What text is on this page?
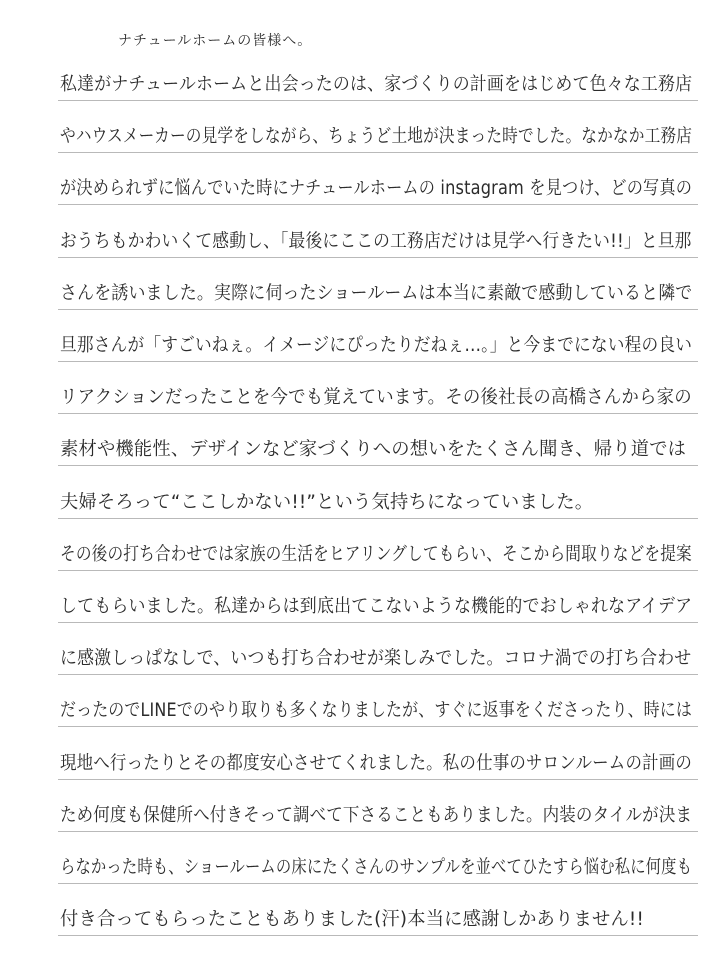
ナチュールホームの皆様へ。
私達がナチュールホームと出会ったのは、家づくりの計画をはじめて色々な工務店
やハウスメーカーの見学をしながら、ちょうど土地が決まった時でした。なかなか工務店
が決められずに悩んでいた時にナチュールホームの instagram を見つけ、どの写真の
おうちもかわいくて感動し、「最後にここの工務店だけは見学へ行きたい!!」と旦那
さんを誘いました。実際に伺ったショールームは本当に素敵で感動していると隣で
旦那さんが「すごいねぇ。イメージにぴったりだねぇ…。」と今までにない程の良い
リアクションだったことを今でも覚えています。その後社長の高橋さんから家の
素材や機能性、デザインなど家づくりへの想いをたくさん聞き、帰り道では
夫婦そろって“ここしかない!!”という気持ちになっていました。
その後の打ち合わせでは家族の生活をヒアリングしてもらい、そこから間取りなどを提案
してもらいました。私達からは到底出てこないような機能的でおしゃれなアイデア
に感激しっぱなしで、いつも打ち合わせが楽しみでした。コロナ渦での打ち合わせ
だったのでLINEでのやり取りも多くなりましたが、すぐに返事をくださったり、時には
現地へ行ったりとその都度安心させてくれました。私の仕事のサロンルームの計画の
ため何度も保健所へ付きそって調べて下さることもありました。内装のタイルが決ま
らなかった時も、ショールームの床にたくさんのサンプルを並べてひたすら悩む私に何度も
付き合ってもらったこともありました(汗)本当に感謝しかありません!!
